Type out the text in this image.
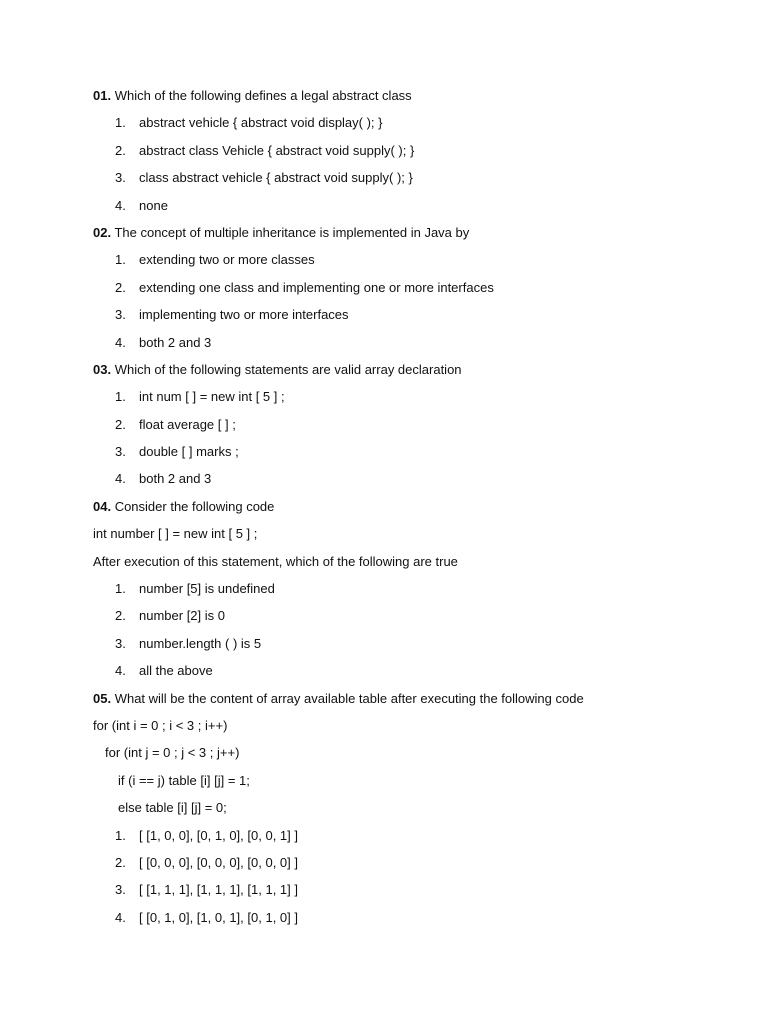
01. Which of the following defines a legal abstract class
1.	abstract vehicle { abstract void display( ); }
2.	abstract class Vehicle { abstract void supply( ); }
3.	class abstract vehicle { abstract void supply( ); }
4.	none
02. The concept of multiple inheritance is implemented in Java by
1.	extending two or more classes
2.	extending one class and implementing one or more interfaces
3.	implementing two or more interfaces
4.	both 2 and 3
03. Which of the following statements are valid array declaration
1.	int num [ ] = new int [ 5 ] ;
2.	float average [ ] ;
3.	double [ ] marks ;
4.	both 2 and 3
04. Consider the following code
int number [ ] = new int [ 5 ] ;
After execution of this statement, which of the following are true
1.	number [5] is undefined
2.	number [2] is 0
3.	number.length ( ) is 5
4.	all the above
05. What will be the content of array available table after executing the following code
for (int i = 0 ; i < 3 ; i++)
for (int j = 0 ; j < 3 ; j++)
if (i == j) table [i] [j] = 1;
else table [i] [j] = 0;
1.	[ [1, 0, 0], [0, 1, 0], [0, 0, 1] ]
2.	[ [0, 0, 0], [0, 0, 0], [0, 0, 0] ]
3.	[ [1, 1, 1], [1, 1, 1], [1, 1, 1] ]
4.	[ [0, 1, 0], [1, 0, 1], [0, 1, 0] ]
